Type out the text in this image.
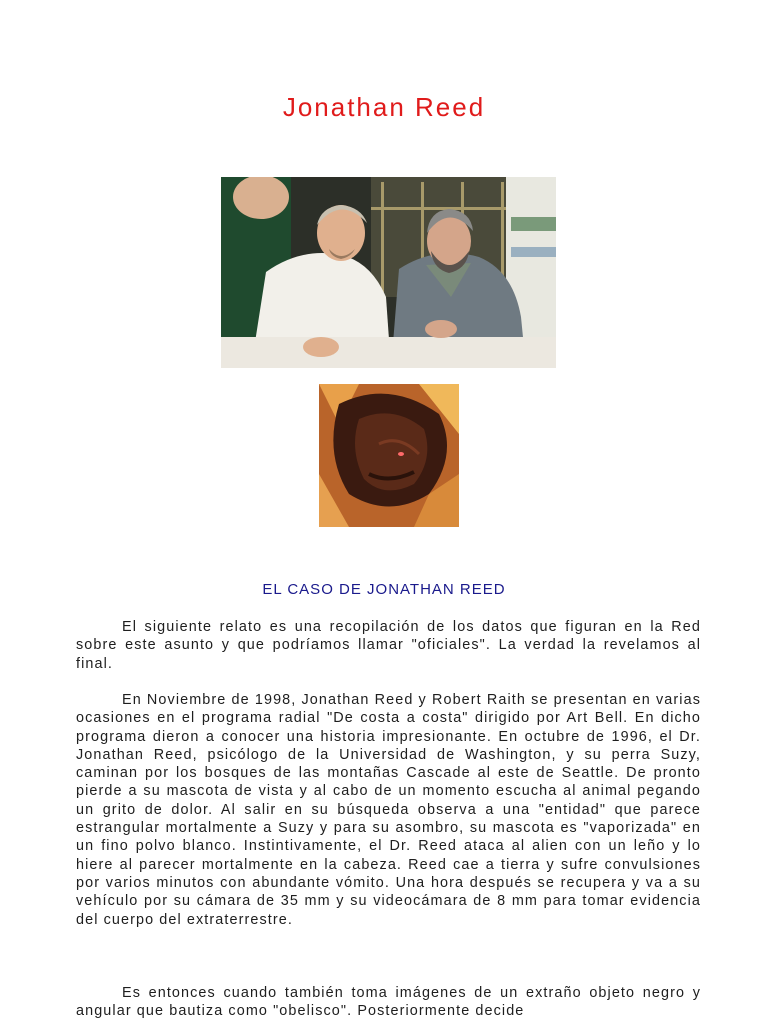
Jonathan Reed
EL CASO DE JONATHAN REED

El siguiente relato es una recopilación de los datos que figuran en la Red sobre este asunto y que podríamos llamar "oficiales". La verdad la revelamos al final.

En Noviembre de 1998, Jonathan Reed y Robert Raith se presentan en varias ocasiones en el programa radial "De costa a costa" dirigido por Art Bell. En dicho programa dieron a conocer una historia impresionante. En octubre de 1996, el Dr. Jonathan Reed, psicólogo de la Universidad de Washington, y su perra Suzy, caminan por los bosques de las montañas Cascade al este de Seattle. De pronto pierde a su mascota de vista y al cabo de un momento escucha al animal pegando un grito de dolor. Al salir en su búsqueda observa a una "entidad" que parece estrangular mortalmente a Suzy y para su asombro, su mascota es "vaporizada" en un fino polvo blanco. Instintivamente, el Dr. Reed ataca al alien con un leño y lo hiere al parecer mortalmente en la cabeza. Reed cae a tierra y sufre convulsiones por varios minutos con abundante vómito. Una hora después se recupera y va a su vehículo por su cámara de 35 mm y su videocámara de 8 mm para tomar evidencia del cuerpo del extraterrestre.

Es entonces cuando también toma imágenes de un extraño objeto negro y angular que bautiza como "obelisco". Posteriormente decide
